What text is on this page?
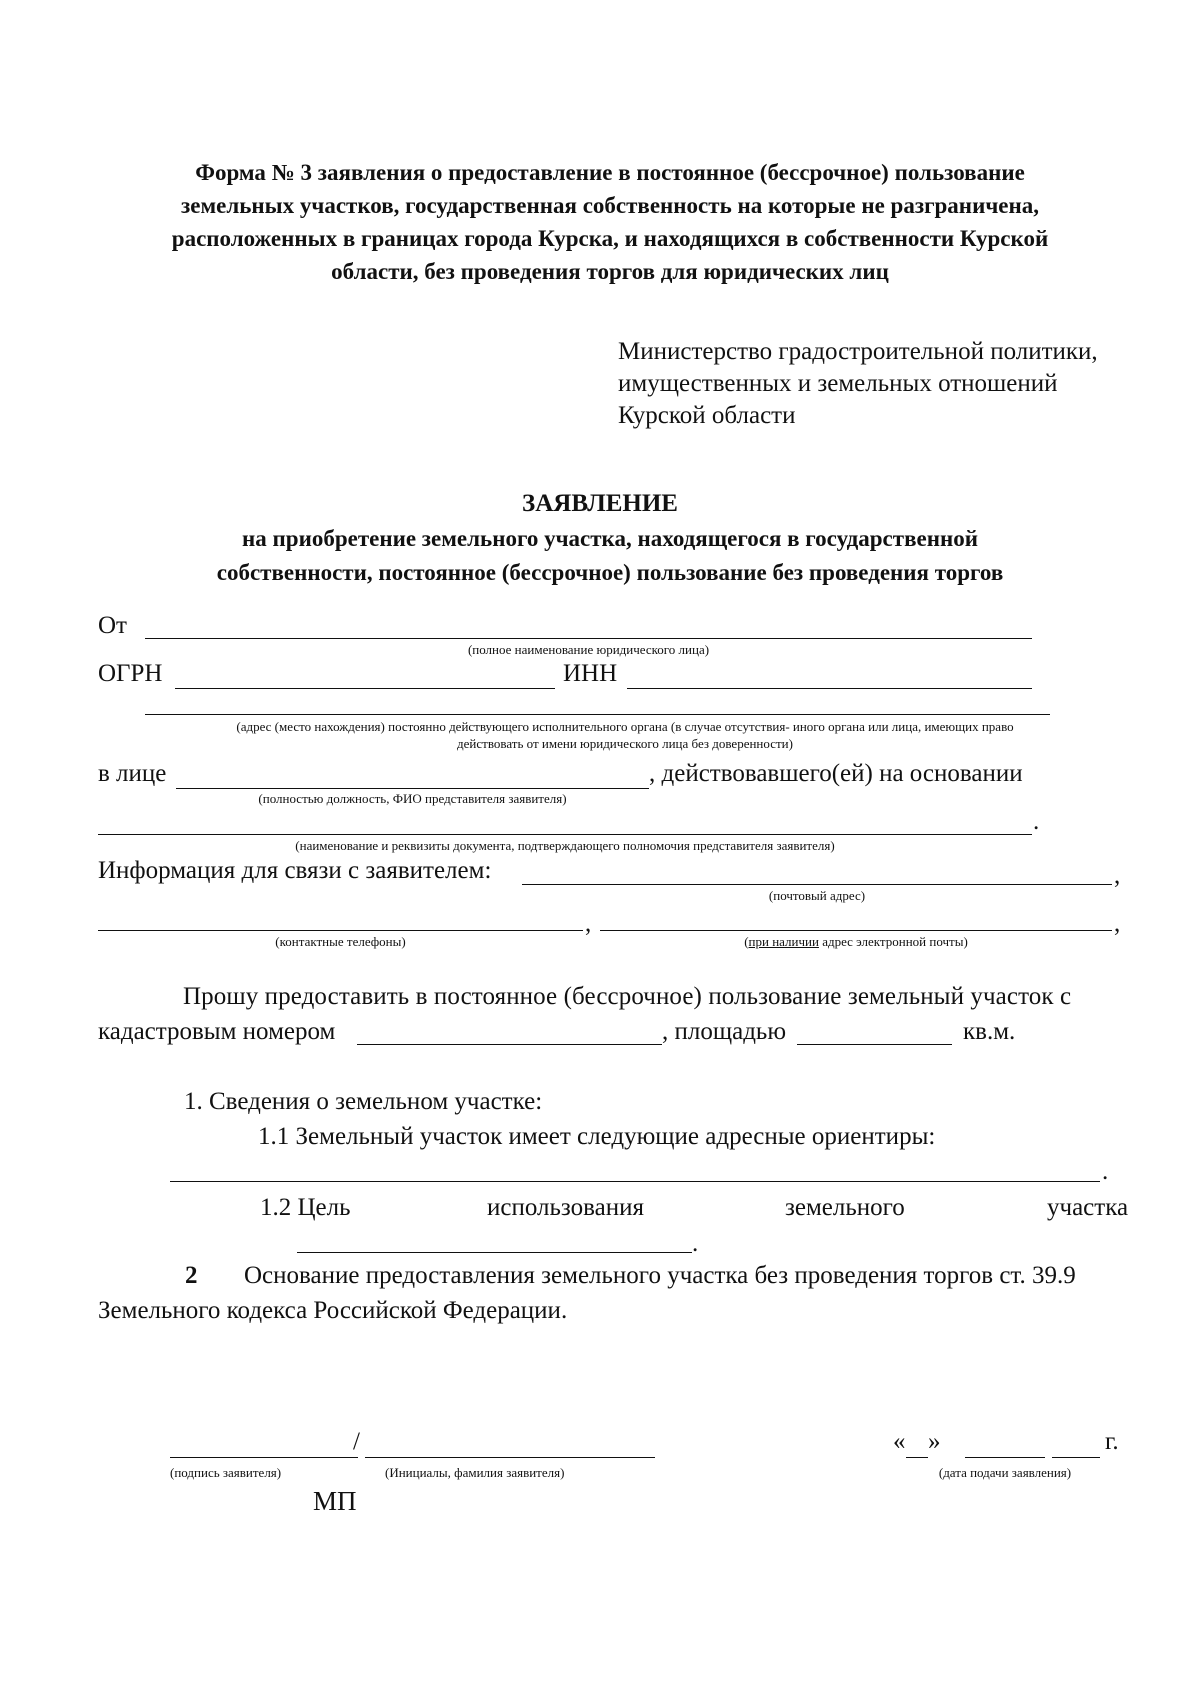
Форма № 3 заявления о предоставление в постоянное (бессрочное) пользование
земельных участков, государственная собственность на которые не разграничена,
расположенных в границах города Курска, и находящихся в собственности Курской
области, без проведения торгов для юридических лиц
Министерство градостроительной политики,
имущественных и земельных отношений
Курской области
ЗАЯВЛЕНИЕ
на приобретение земельного участка, находящегося в государственной
собственности, постоянное (бессрочное) пользование без проведения торгов
От
(полное наименование юридического лица)
ОГРН	ИНН
(адрес (место нахождения) постоянно действующего исполнительного органа (в случае отсутствия- иного органа или лица, имеющих право
действовать от имени юридического лица без доверенности)
в лице	, действовавшего(ей) на основании
(полностью должность, ФИО представителя заявителя)
.
(наименование и реквизиты документа, подтверждающего полномочия представителя заявителя)
Информация для связи с заявителем:	,
(почтовый адрес)
,	,
(контактные телефоны)	(при наличии адрес электронной почты)
Прошу предоставить в постоянное (бессрочное) пользование земельный участок с
кадастровым номером	, площадью	кв.м.
1. Сведения о земельном участке:
1.1 Земельный участок имеет следующие адресные ориентиры:
.
1.2 Цель	использования	земельного	участка
.
2 Основание предоставления земельного участка без проведения торгов ст. 39.9
Земельного кодекса Российской Федерации.
/
(подпись заявителя)	(Инициалы, фамилия заявителя)
« »	г.
(дата подачи заявления)
МП
